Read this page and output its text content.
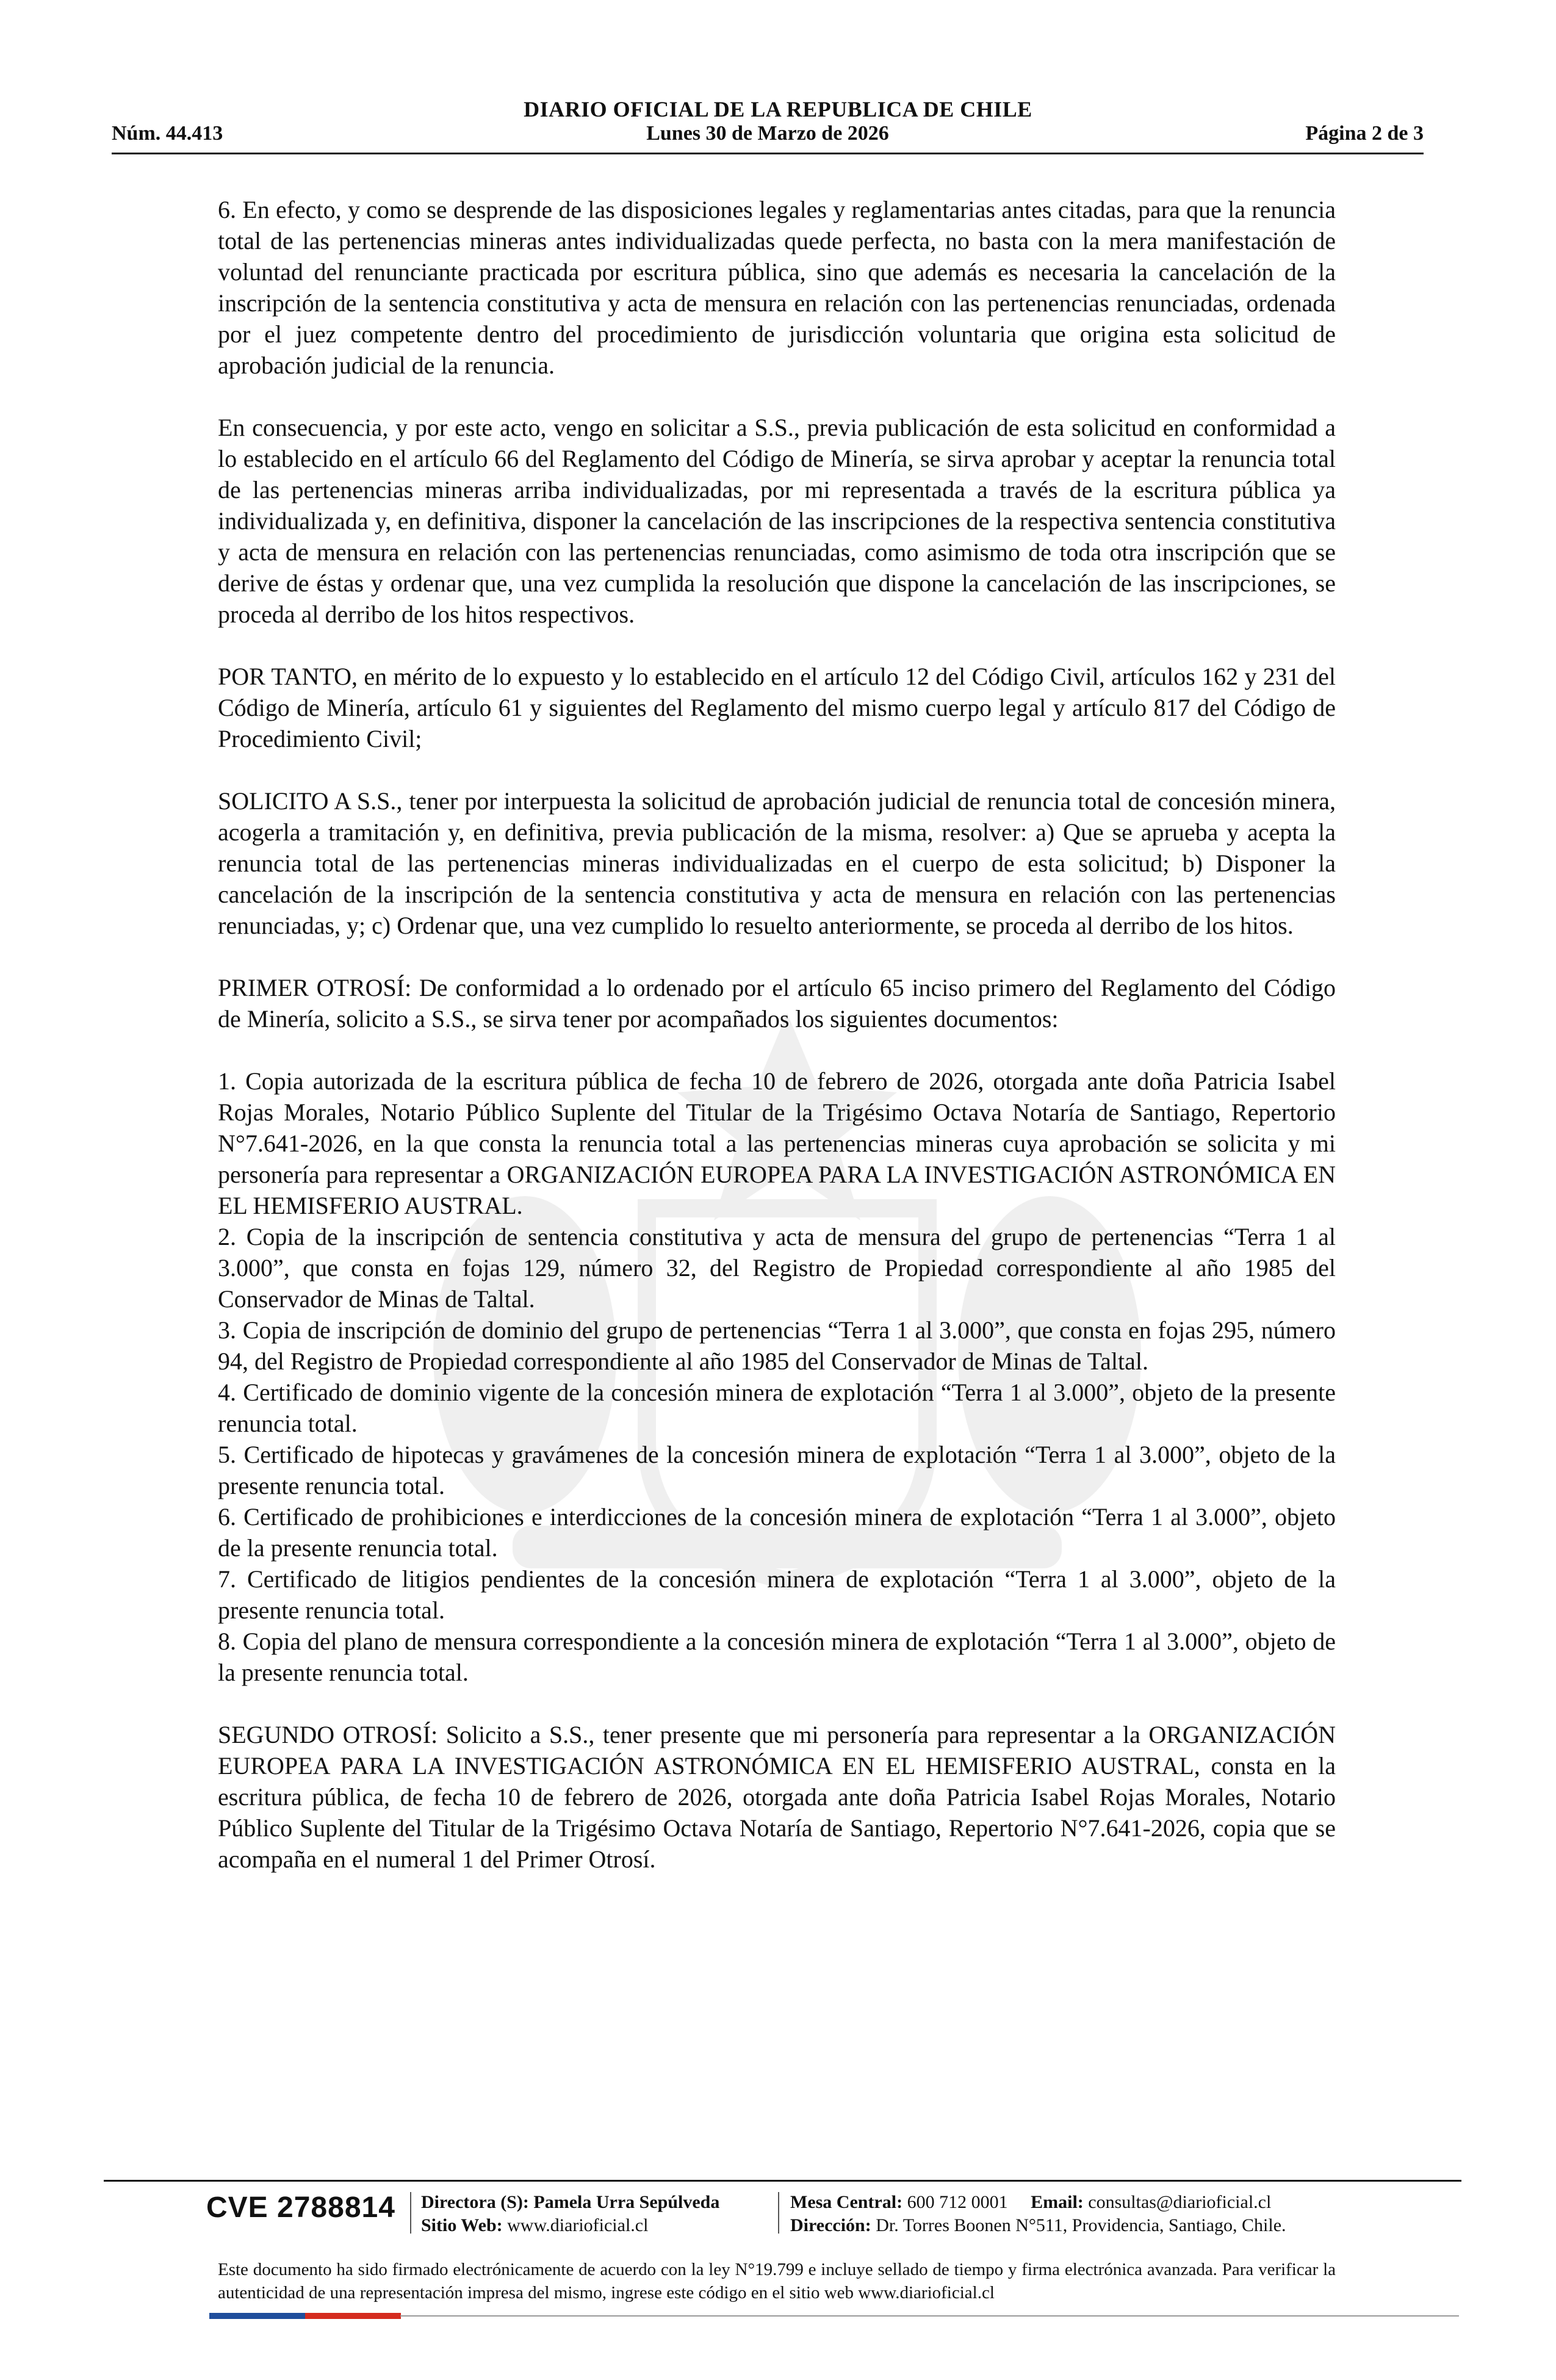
DIARIO OFICIAL DE LA REPUBLICA DE CHILE
Núm. 44.413	Lunes 30 de Marzo de 2026	Página 2 de 3

6. En efecto, y como se desprende de las disposiciones legales y reglamentarias antes citadas, para que la renuncia total de las pertenencias mineras antes individualizadas quede perfecta, no basta con la mera manifestación de voluntad del renunciante practicada por escritura pública, sino que además es necesaria la cancelación de la inscripción de la sentencia constitutiva y acta de mensura en relación con las pertenencias renunciadas, ordenada por el juez competente dentro del procedimiento de jurisdicción voluntaria que origina esta solicitud de aprobación judicial de la renuncia.

En consecuencia, y por este acto, vengo en solicitar a S.S., previa publicación de esta solicitud en conformidad a lo establecido en el artículo 66 del Reglamento del Código de Minería, se sirva aprobar y aceptar la renuncia total de las pertenencias mineras arriba individualizadas, por mi representada a través de la escritura pública ya individualizada y, en definitiva, disponer la cancelación de las inscripciones de la respectiva sentencia constitutiva y acta de mensura en relación con las pertenencias renunciadas, como asimismo de toda otra inscripción que se derive de éstas y ordenar que, una vez cumplida la resolución que dispone la cancelación de las inscripciones, se proceda al derribo de los hitos respectivos.

POR TANTO, en mérito de lo expuesto y lo establecido en el artículo 12 del Código Civil, artículos 162 y 231 del Código de Minería, artículo 61 y siguientes del Reglamento del mismo cuerpo legal y artículo 817 del Código de Procedimiento Civil;

SOLICITO A S.S., tener por interpuesta la solicitud de aprobación judicial de renuncia total de concesión minera, acogerla a tramitación y, en definitiva, previa publicación de la misma, resolver: a) Que se aprueba y acepta la renuncia total de las pertenencias mineras individualizadas en el cuerpo de esta solicitud; b) Disponer la cancelación de la inscripción de la sentencia constitutiva y acta de mensura en relación con las pertenencias renunciadas, y; c) Ordenar que, una vez cumplido lo resuelto anteriormente, se proceda al derribo de los hitos.

PRIMER OTROSÍ: De conformidad a lo ordenado por el artículo 65 inciso primero del Reglamento del Código de Minería, solicito a S.S., se sirva tener por acompañados los siguientes documentos:

1. Copia autorizada de la escritura pública de fecha 10 de febrero de 2026, otorgada ante doña Patricia Isabel Rojas Morales, Notario Público Suplente del Titular de la Trigésimo Octava Notaría de Santiago, Repertorio N°7.641-2026, en la que consta la renuncia total a las pertenencias mineras cuya aprobación se solicita y mi personería para representar a ORGANIZACIÓN EUROPEA PARA LA INVESTIGACIÓN ASTRONÓMICA EN EL HEMISFERIO AUSTRAL.

2. Copia de la inscripción de sentencia constitutiva y acta de mensura del grupo de pertenencias “Terra 1 al 3.000”, que consta en fojas 129, número 32, del Registro de Propiedad correspondiente al año 1985 del Conservador de Minas de Taltal.

3. Copia de inscripción de dominio del grupo de pertenencias “Terra 1 al 3.000”, que consta en fojas 295, número 94, del Registro de Propiedad correspondiente al año 1985 del Conservador de Minas de Taltal.

4. Certificado de dominio vigente de la concesión minera de explotación “Terra 1 al 3.000”, objeto de la presente renuncia total.

5. Certificado de hipotecas y gravámenes de la concesión minera de explotación “Terra 1 al 3.000”, objeto de la presente renuncia total.

6. Certificado de prohibiciones e interdicciones de la concesión minera de explotación “Terra 1 al 3.000”, objeto de la presente renuncia total.

7. Certificado de litigios pendientes de la concesión minera de explotación “Terra 1 al 3.000”, objeto de la presente renuncia total.

8. Copia del plano de mensura correspondiente a la concesión minera de explotación “Terra 1 al 3.000”, objeto de la presente renuncia total.

SEGUNDO OTROSÍ: Solicito a S.S., tener presente que mi personería para representar a la ORGANIZACIÓN EUROPEA PARA LA INVESTIGACIÓN ASTRONÓMICA EN EL HEMISFERIO AUSTRAL, consta en la escritura pública, de fecha 10 de febrero de 2026, otorgada ante doña Patricia Isabel Rojas Morales, Notario Público Suplente del Titular de la Trigésimo Octava Notaría de Santiago, Repertorio N°7.641-2026, copia que se acompaña en el numeral 1 del Primer Otrosí.

CVE 2788814 Directora (S): Pamela Urra Sepúlveda
Sitio Web: www.diarioficial.cl
Mesa Central: 600 712 0001 Email: consultas@diarioficial.cl
Dirección: Dr. Torres Boonen N°511, Providencia, Santiago, Chile.
Este documento ha sido firmado electrónicamente de acuerdo con la ley N°19.799 e incluye sellado de tiempo y firma electrónica avanzada. Para verificar la autenticidad de una representación impresa del mismo, ingrese este código en el sitio web www.diarioficial.cl
